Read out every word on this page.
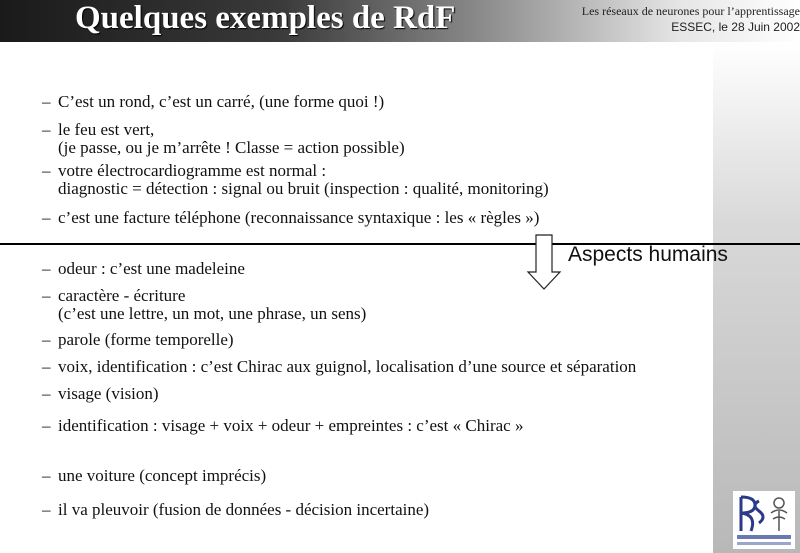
Quelques exemples de RdF	Les réseaux de neurones pour l’apprentissage
ESSEC, le 28 Juin 2002
– C’est un rond, c’est un carré, (une forme quoi !)
– le feu est vert,
(je passe, ou je m’arrête ! Classe = action possible)
– votre électrocardiogramme est normal :
diagnostic = détection : signal ou bruit (inspection : qualité, monitoring)
– c’est une facture téléphone (reconnaissance syntaxique : les « règles »)
Aspects humains
– odeur : c’est une madeleine
– caractère - écriture
(c’est une lettre, un mot, une phrase, un sens)
– parole (forme temporelle)
– voix, identification : c’est Chirac aux guignol, localisation d’une source et séparation
– visage (vision)
– identification : visage + voix + odeur + empreintes : c’est « Chirac »
– une voiture (concept imprécis)
– il va pleuvoir (fusion de données - décision incertaine)
